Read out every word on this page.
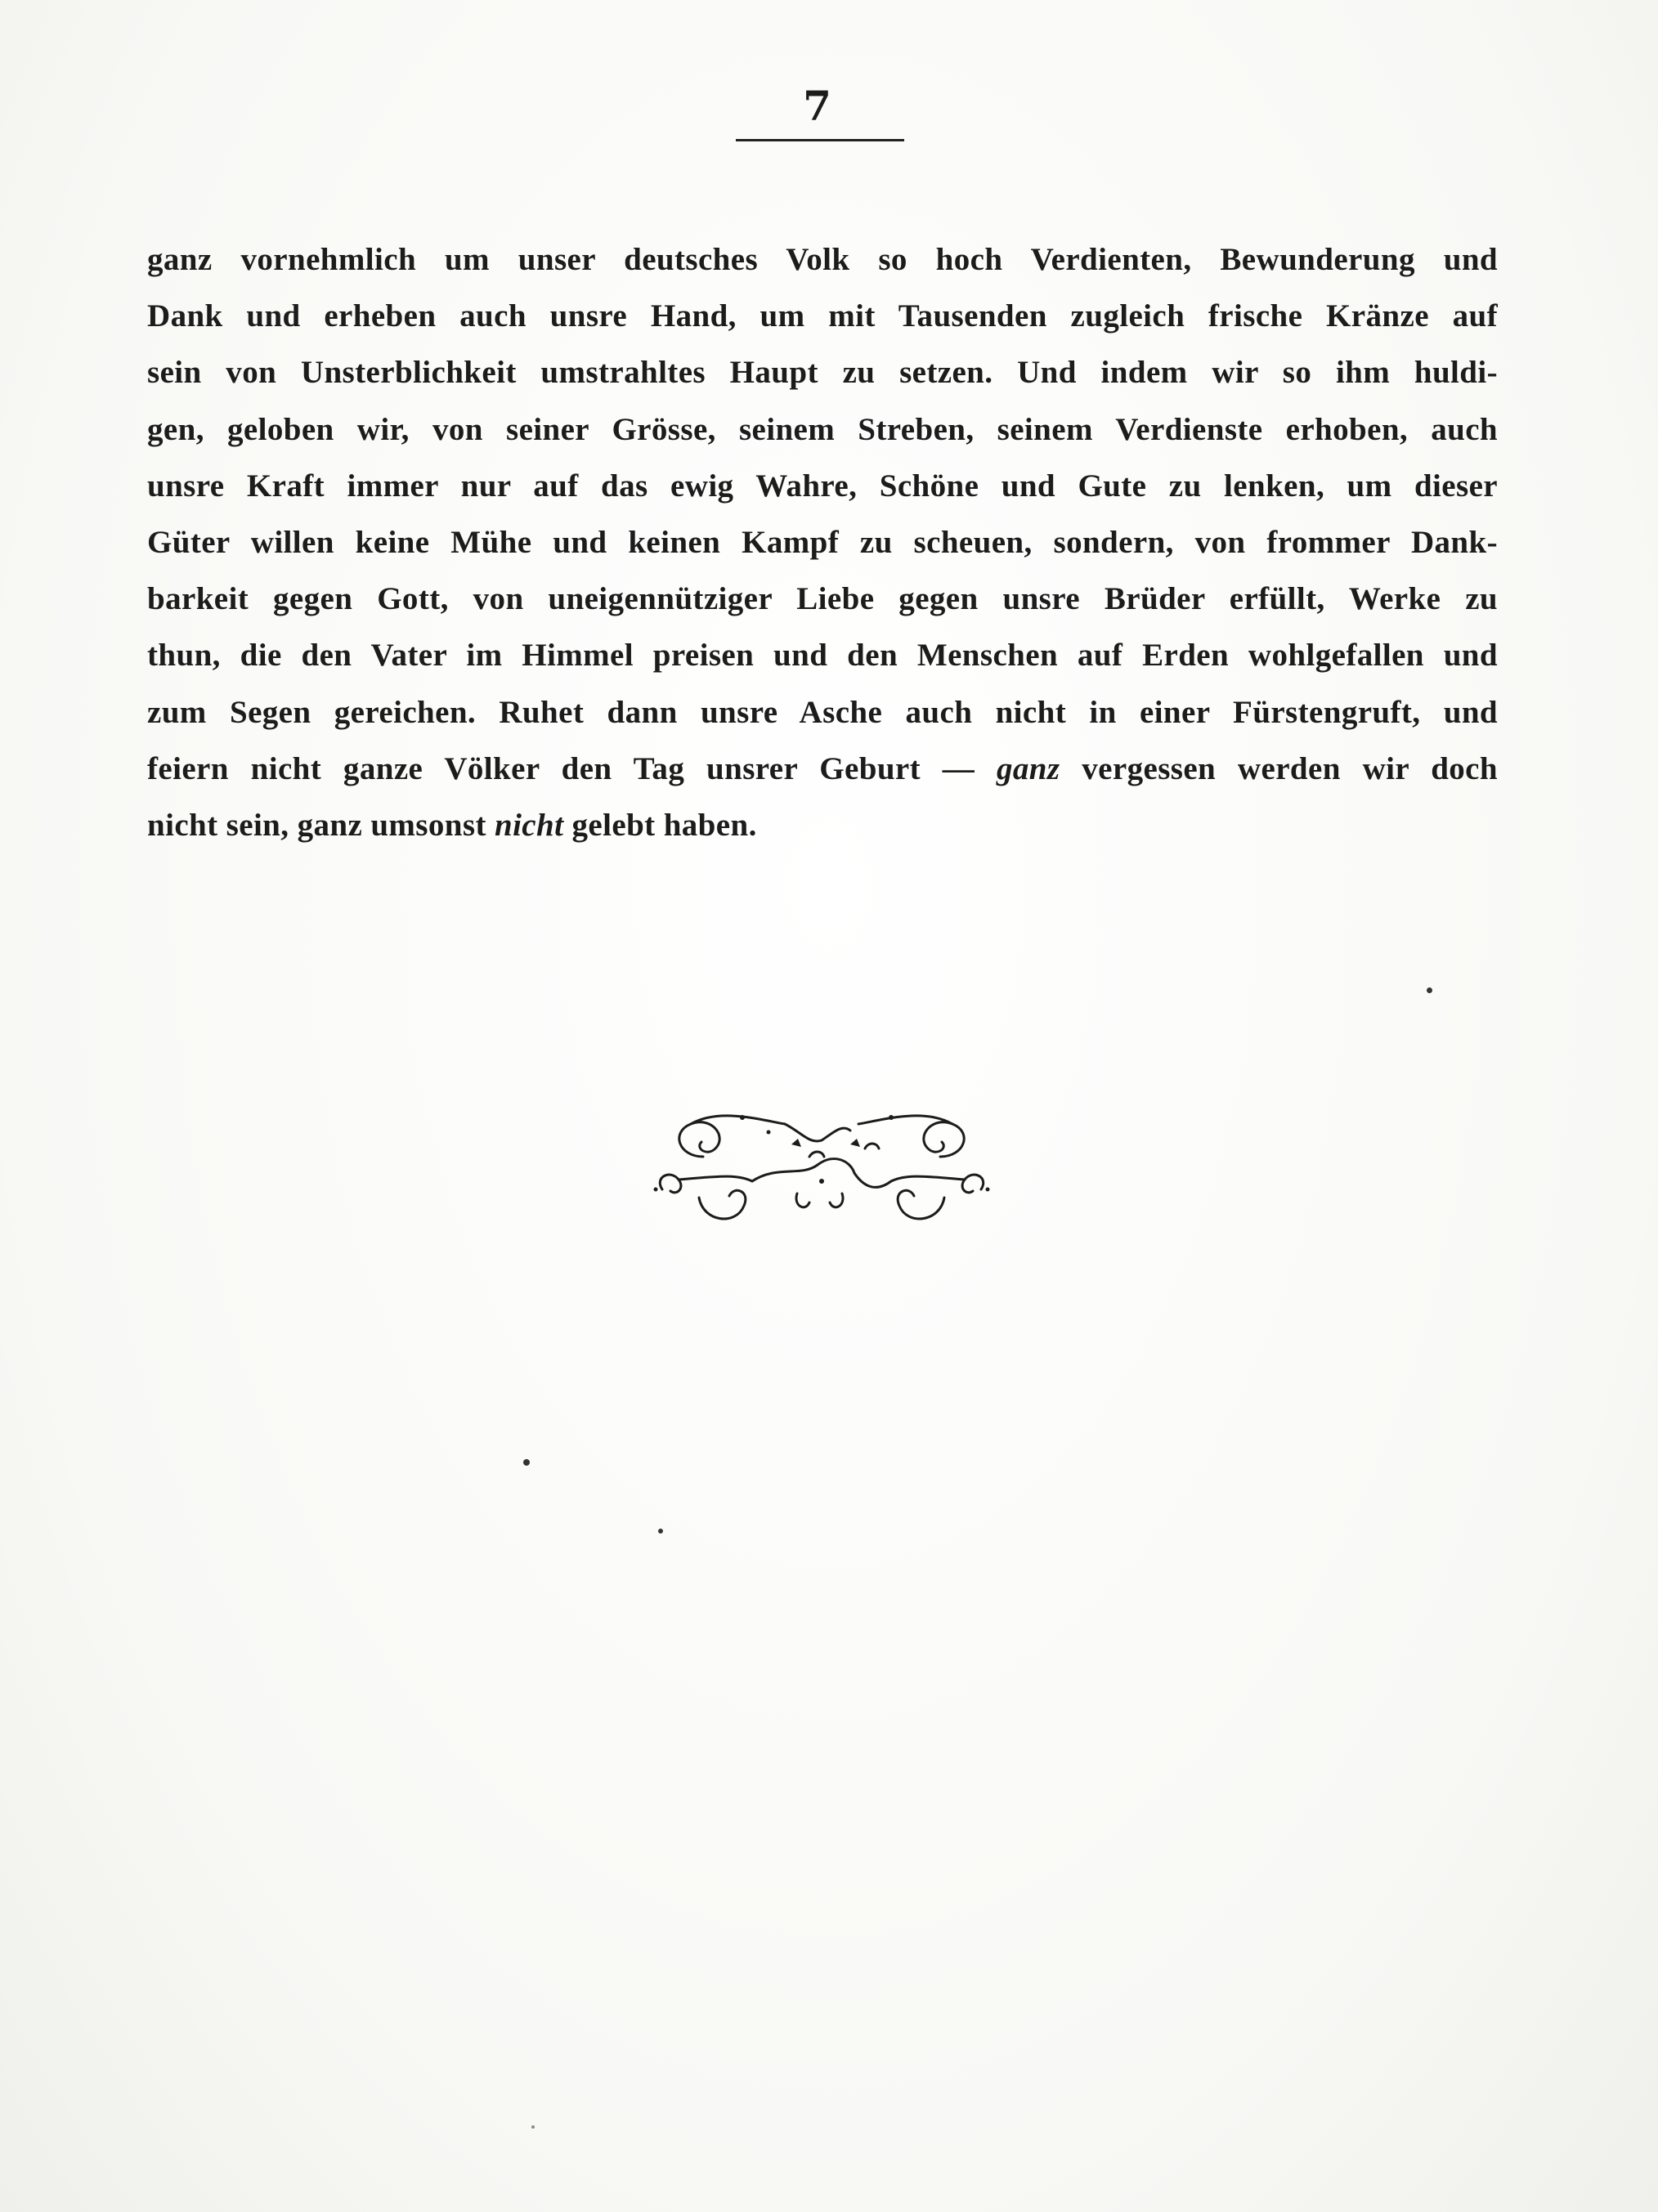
7
ganz vornehmlich um unser deutsches Volk so hoch Verdienten, Bewunderung und
Dank und erheben auch unsre Hand, um mit Tausenden zugleich frische Kränze auf
sein von Unsterblichkeit umstrahltes Haupt zu setzen. Und indem wir so ihm huldi-
gen, geloben wir, von seiner Grösse, seinem Streben, seinem Verdienste erhoben, auch
unsre Kraft immer nur auf das ewig Wahre, Schöne und Gute zu lenken, um dieser
Güter willen keine Mühe und keinen Kampf zu scheuen, sondern, von frommer Dank-
barkeit gegen Gott, von uneigennütziger Liebe gegen unsre Brüder erfüllt, Werke zu
thun, die den Vater im Himmel preisen und den Menschen auf Erden wohlgefallen und
zum Segen gereichen. Ruhet dann unsre Asche auch nicht in einer Fürstengruft, und
feiern nicht ganze Völker den Tag unsrer Geburt — ganz vergessen werden wir doch
nicht sein, ganz umsonst nicht gelebt haben.
